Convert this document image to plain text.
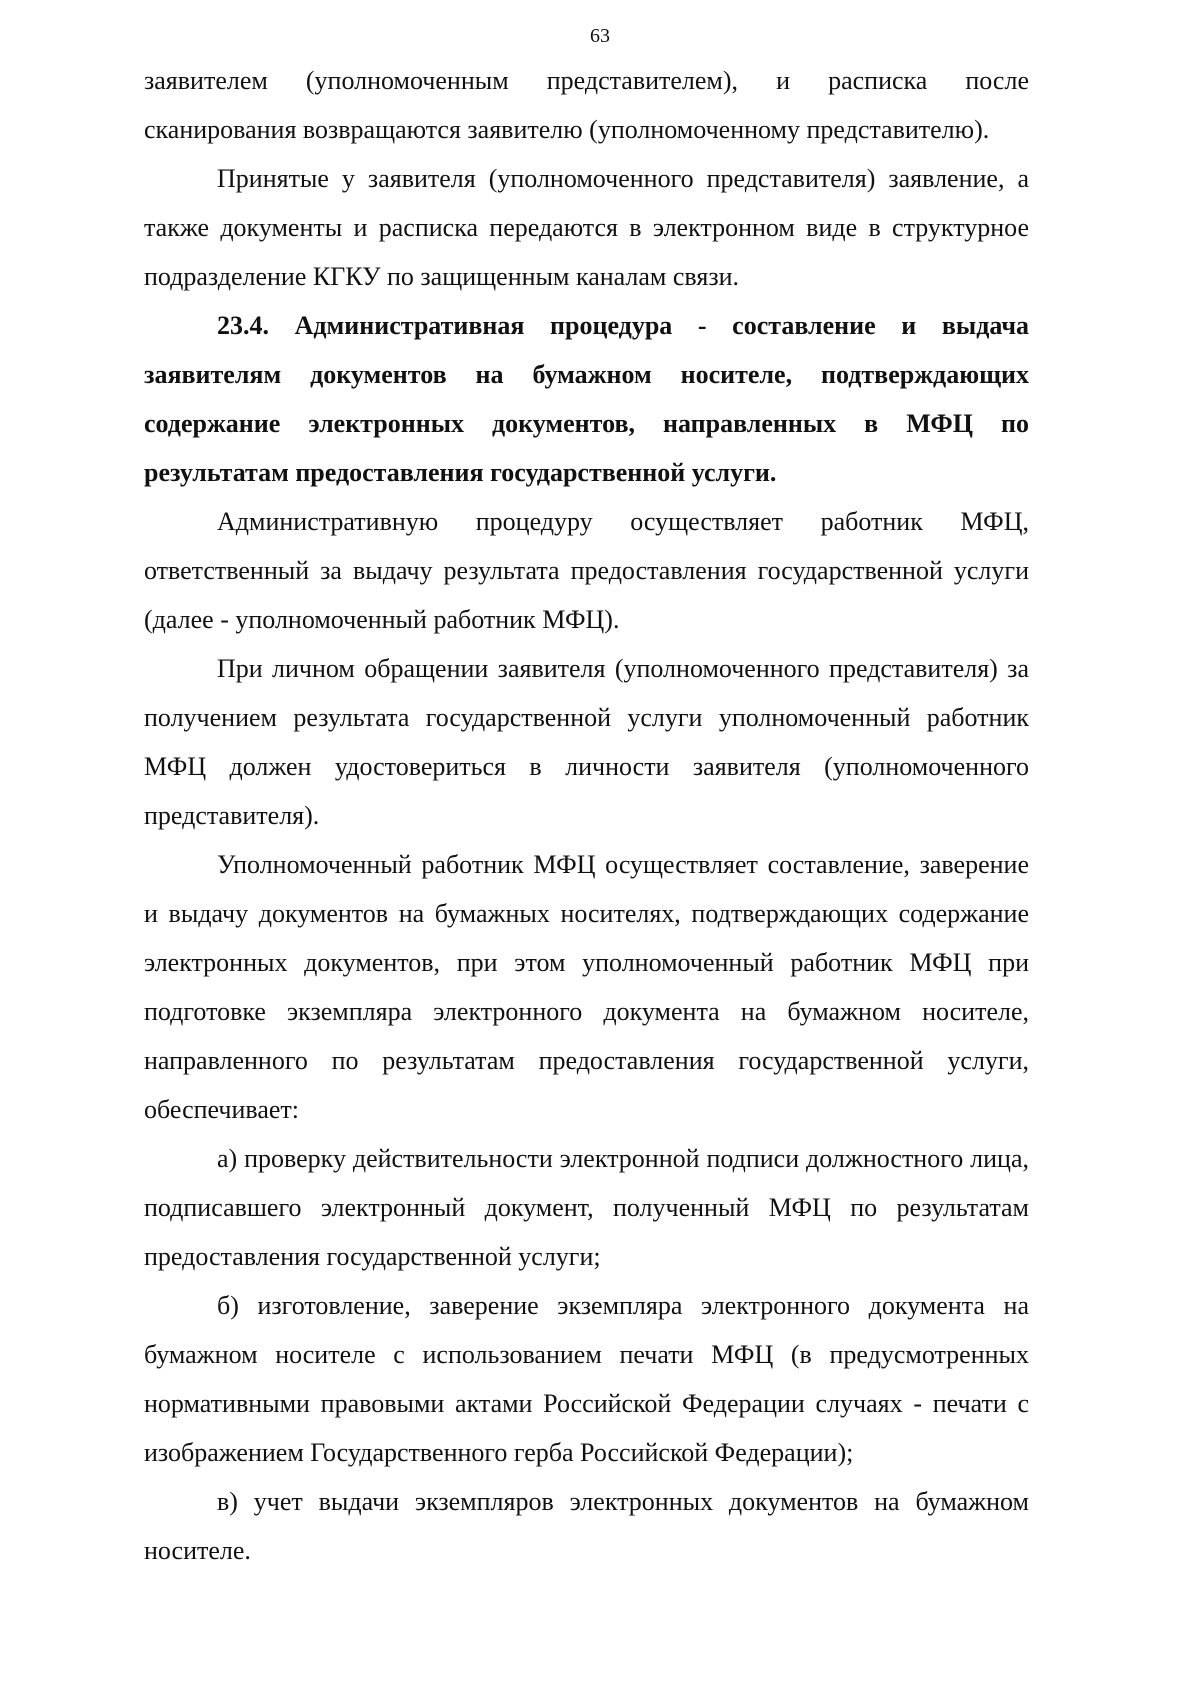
63

заявителем (уполномоченным представителем), и расписка после сканирования возвращаются заявителю (уполномоченному представителю).

Принятые у заявителя (уполномоченного представителя) заявление, а также документы и расписка передаются в электронном виде в структурное подразделение КГКУ по защищенным каналам связи.

23.4. Административная процедура - составление и выдача заявителям документов на бумажном носителе, подтверждающих содержание электронных документов, направленных в МФЦ по результатам предоставления государственной услуги.

Административную процедуру осуществляет работник МФЦ, ответственный за выдачу результата предоставления государственной услуги (далее - уполномоченный работник МФЦ).

При личном обращении заявителя (уполномоченного представителя) за получением результата государственной услуги уполномоченный работник МФЦ должен удостовериться в личности заявителя (уполномоченного представителя).

Уполномоченный работник МФЦ осуществляет составление, заверение и выдачу документов на бумажных носителях, подтверждающих содержание электронных документов, при этом уполномоченный работник МФЦ при подготовке экземпляра электронного документа на бумажном носителе, направленного по результатам предоставления государственной услуги, обеспечивает:

а) проверку действительности электронной подписи должностного лица, подписавшего электронный документ, полученный МФЦ по результатам предоставления государственной услуги;

б) изготовление, заверение экземпляра электронного документа на бумажном носителе с использованием печати МФЦ (в предусмотренных нормативными правовыми актами Российской Федерации случаях - печати с изображением Государственного герба Российской Федерации);

в) учет выдачи экземпляров электронных документов на бумажном носителе.
